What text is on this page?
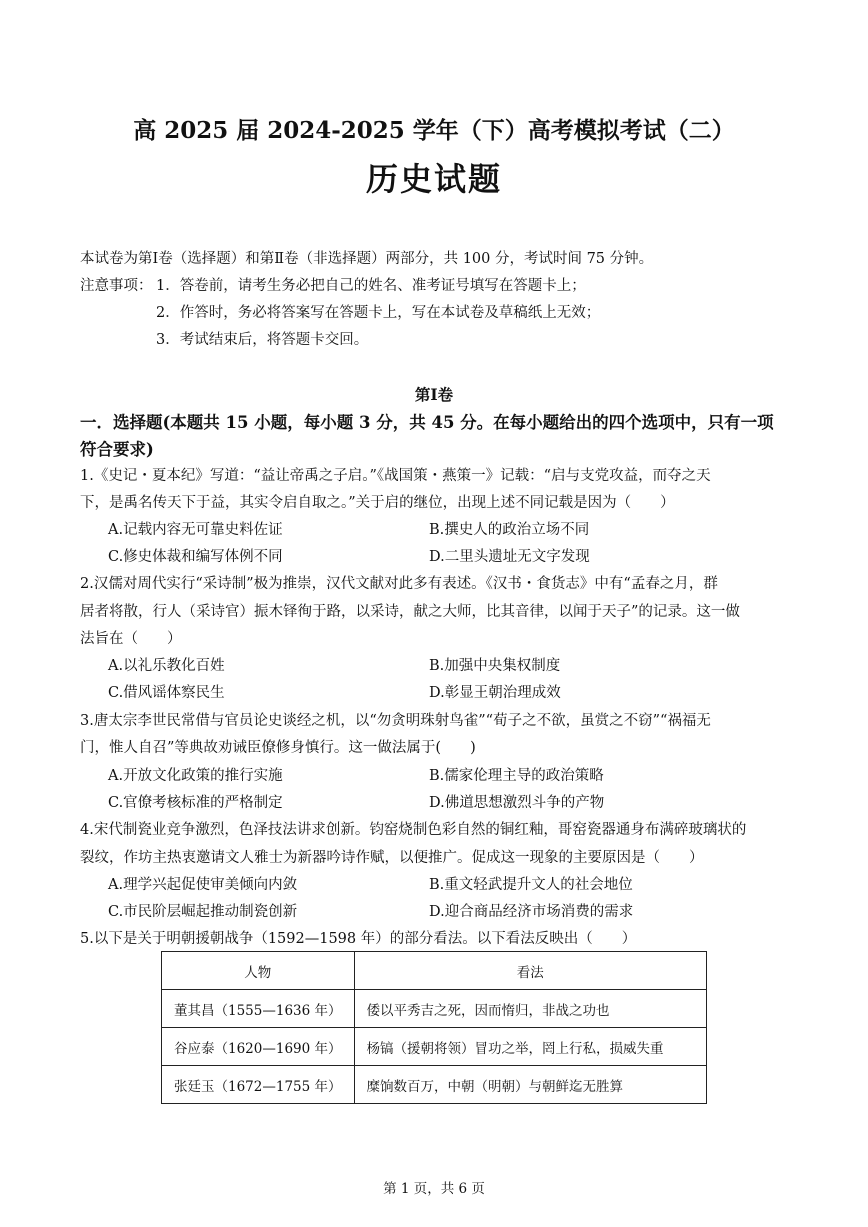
高 2025 届 2024-2025 学年（下）高考模拟考试（二）
历史试题
本试卷为第Ⅰ卷（选择题）和第Ⅱ卷（非选择题）两部分，共 100 分，考试时间 75 分钟。
注意事项： 1．答卷前，请考生务必把自己的姓名、准考证号填写在答题卡上；
2．作答时，务必将答案写在答题卡上，写在本试卷及草稿纸上无效；
3．考试结束后，将答题卡交回。
第Ⅰ卷
一．选择题(本题共 15 小题，每小题 3 分，共 45 分。在每小题给出的四个选项中，只有一项
符合要求)
1.《史记・夏本纪》写道：“益让帝禹之子启。”《战国策・燕策一》记载：“启与支党攻益，而夺之天
下，是禹名传天下于益，其实令启自取之。”关于启的继位，出现上述不同记载是因为（　　）
A.记载内容无可靠史料佐证	B.撰史人的政治立场不同
C.修史体裁和编写体例不同	D.二里头遗址无文字发现
2.汉儒对周代实行“采诗制”极为推崇，汉代文献对此多有表述。《汉书・食货志》中有“孟春之月，群
居者将散，行人（采诗官）振木铎徇于路，以采诗，献之大师，比其音律，以闻于天子”的记录。这一做
法旨在（　　）
A.以礼乐教化百姓	B.加强中央集权制度
C.借风谣体察民生	D.彰显王朝治理成效
3.唐太宗李世民常借与官员论史谈经之机，以“勿贪明珠射鸟雀”“荀子之不欲，虽赏之不窃”“祸福无
门，惟人自召”等典故劝诫臣僚修身慎行。这一做法属于(　　)
A.开放文化政策的推行实施	B.儒家伦理主导的政治策略
C.官僚考核标准的严格制定	D.佛道思想激烈斗争的产物
4.宋代制瓷业竞争激烈，色泽技法讲求创新。钧窑烧制色彩自然的铜红釉，哥窑瓷器通身布满碎玻璃状的
裂纹，作坊主热衷邀请文人雅士为新器吟诗作赋，以便推广。促成这一现象的主要原因是（　　）
A.理学兴起促使审美倾向内敛	B.重文轻武提升文人的社会地位
C.市民阶层崛起推动制瓷创新	D.迎合商品经济市场消费的需求
5.以下是关于明朝援朝战争（1592—1598 年）的部分看法。以下看法反映出（　　）
人物	看法
董其昌（1555—1636 年）	倭以平秀吉之死，因而惰归，非战之功也
谷应泰（1620—1690 年）	杨镐（援朝将领）冒功之举，罔上行私，损威失重
张廷玉（1672—1755 年）	糜饷数百万，中朝（明朝）与朝鲜迄无胜算
第 1 页，共 6 页
